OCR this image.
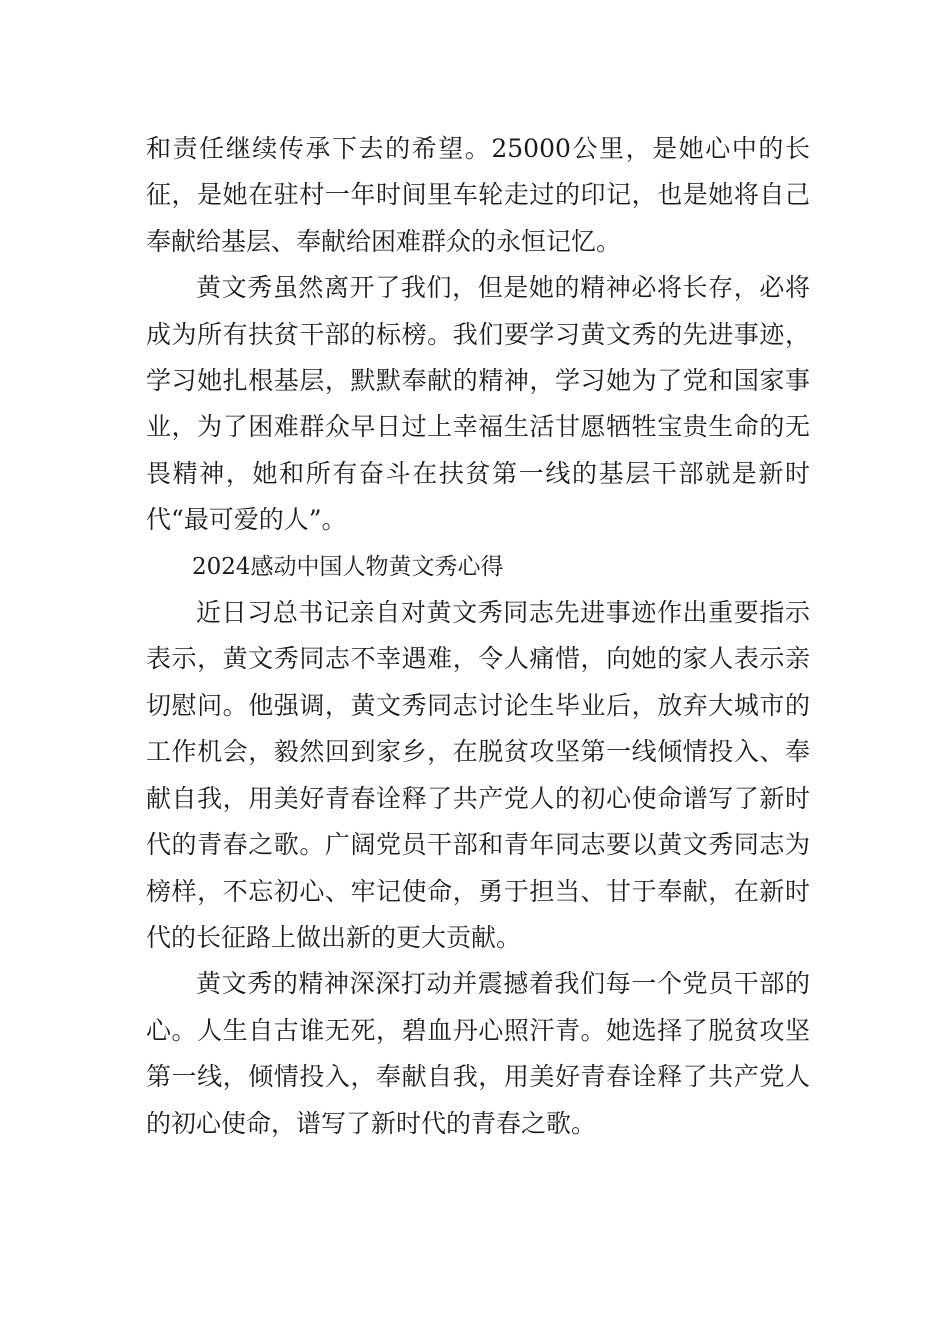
和责任继续传承下去的希望。25000公里，是她心中的长征，是她在驻村一年时间里车轮走过的印记，也是她将自己奉献给基层、奉献给困难群众的永恒记忆。

黄文秀虽然离开了我们，但是她的精神必将长存，必将成为所有扶贫干部的标榜。我们要学习黄文秀的先进事迹，学习她扎根基层，默默奉献的精神，学习她为了党和国家事业，为了困难群众早日过上幸福生活甘愿牺牲宝贵生命的无畏精神，她和所有奋斗在扶贫第一线的基层干部就是新时代“最可爱的人”。

2024感动中国人物黄文秀心得

近日习总书记亲自对黄文秀同志先进事迹作出重要指示表示，黄文秀同志不幸遇难，令人痛惜，向她的家人表示亲切慰问。他强调，黄文秀同志讨论生毕业后，放弃大城市的工作机会，毅然回到家乡，在脱贫攻坚第一线倾情投入、奉献自我，用美好青春诠释了共产党人的初心使命谱写了新时代的青春之歌。广阔党员干部和青年同志要以黄文秀同志为榜样，不忘初心、牢记使命，勇于担当、甘于奉献，在新时代的长征路上做出新的更大贡献。

黄文秀的精神深深打动并震撼着我们每一个党员干部的心。人生自古谁无死，碧血丹心照汗青。她选择了脱贫攻坚第一线，倾情投入，奉献自我，用美好青春诠释了共产党人的初心使命，谱写了新时代的青春之歌。
